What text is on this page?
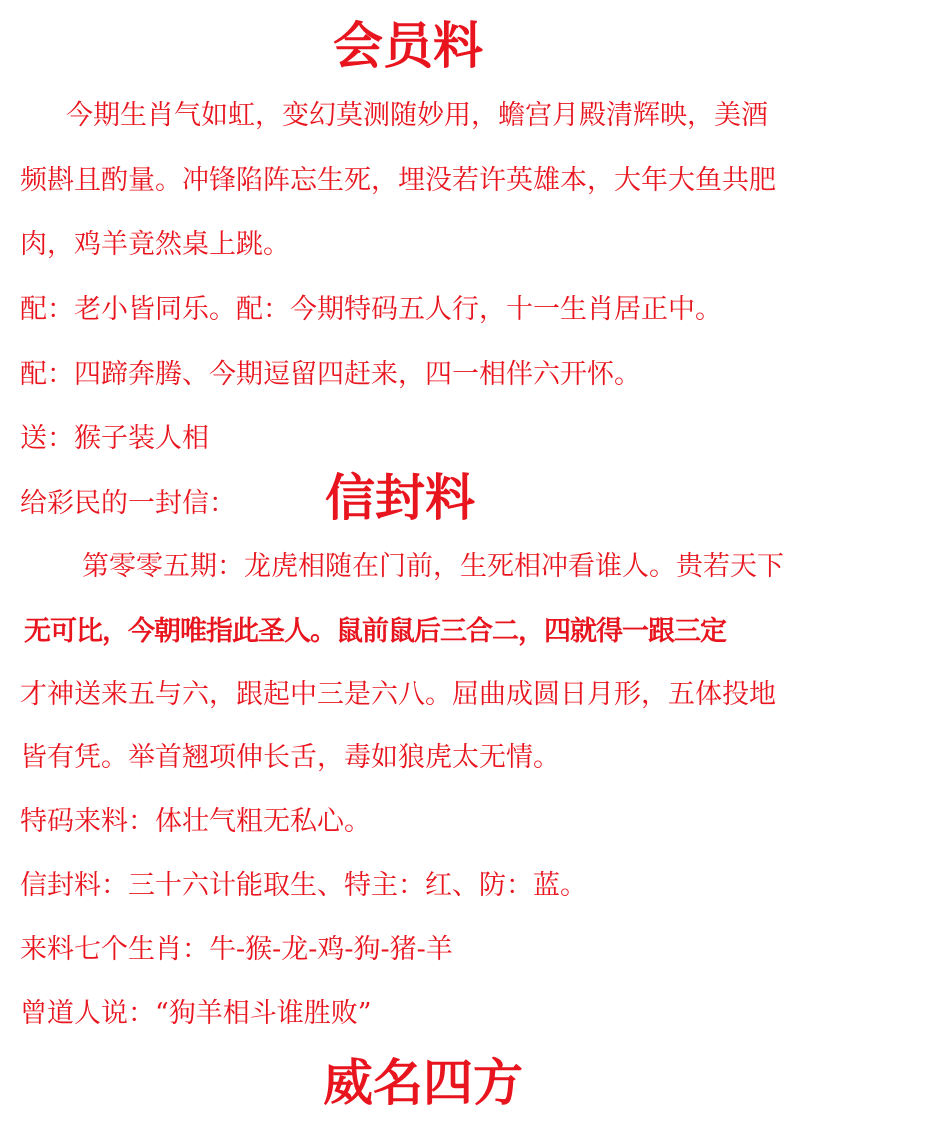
会员料
今期生肖气如虹，变幻莫测随妙用，蟾宫月殿清辉映，美酒
频斟且酌量。冲锋陷阵忘生死，埋没若许英雄本，大年大鱼共肥
肉，鸡羊竟然桌上跳。
配：老小皆同乐。配：今期特码五人行，十一生肖居正中。
配：四蹄奔腾、今期逗留四赶来，四一相伴六开怀。
送：猴子装人相
给彩民的一封信： 信封料
第零零五期：龙虎相随在门前，生死相冲看谁人。贵若天下
无可比，今朝唯指此圣人。鼠前鼠后三合二，四就得一跟三定
才神送来五与六，跟起中三是六八。屈曲成圆日月形，五体投地
皆有凭。举首翘项伸长舌，毒如狼虎太无情。
特码来料：体壮气粗无私心。
信封料：三十六计能取生、特主：红、防：蓝。
来料七个生肖：牛-猴-龙-鸡-狗-猪-羊
曾道人说：“狗羊相斗谁胜败”
威名四方
